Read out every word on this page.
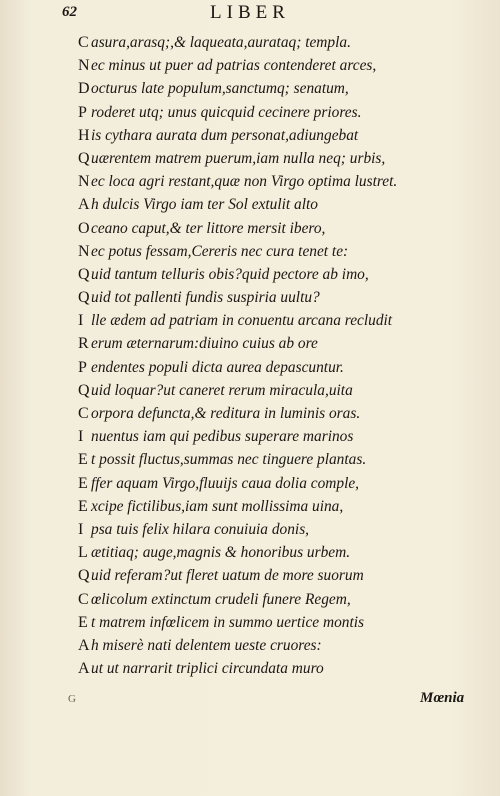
62	LIBER
C asura,arasq;,& laqueata,aurataq; templa.
Nec minus ut puer ad patrias contenderet arces,
Docturus late populum,sanctumq; senatum,
P roderet utq; unus quicquid cecinere priores.
His cythara aurata dum personat,adiungebat
Quærentem matrem puerum,iam nulla neq; urbis,
Nec loca agri restant,quæ non Virgo optima lustret.
Ah dulcis Virgo iam ter Sol extulit alto
Oceano caput,& ter littore mersit ibero,
Nec potus fessam,Cereris nec cura tenet te:
Quid tantum telluris obis?quid pectore ab imo,
Quid tot pallenti fundis suspiria uultu?
I lle ædem ad patriam in conuentu arcana recludit
R erum æternarum:diuino cuius ab ore
P endentes populi dicta aurea depascuntur.
Quid loquar?ut caneret rerum miracula,uita
C orpora defuncta,& reditura in luminis oras.
I nuentus iam qui pedibus superare marinos
E t possit fluctus,summas nec tinguere plantas.
E ffer aquam Virgo,fluuijs caua dolia comple,
E xcipe fictilibus,iam sunt mollissima uina,
I psa tuis felix hilara conuiuia donis,
L ætitiaq; auge,magnis & honoribus urbem.
Quid referam?ut fleret uatum de more suorum
C œlicolum extinctum crudeli funere Regem,
E t matrem infœlicem in summo uertice montis
Ah miserè nati delentem ueste cruores:
Aut ut narrarit triplici circundata muro
G	Mœnia
